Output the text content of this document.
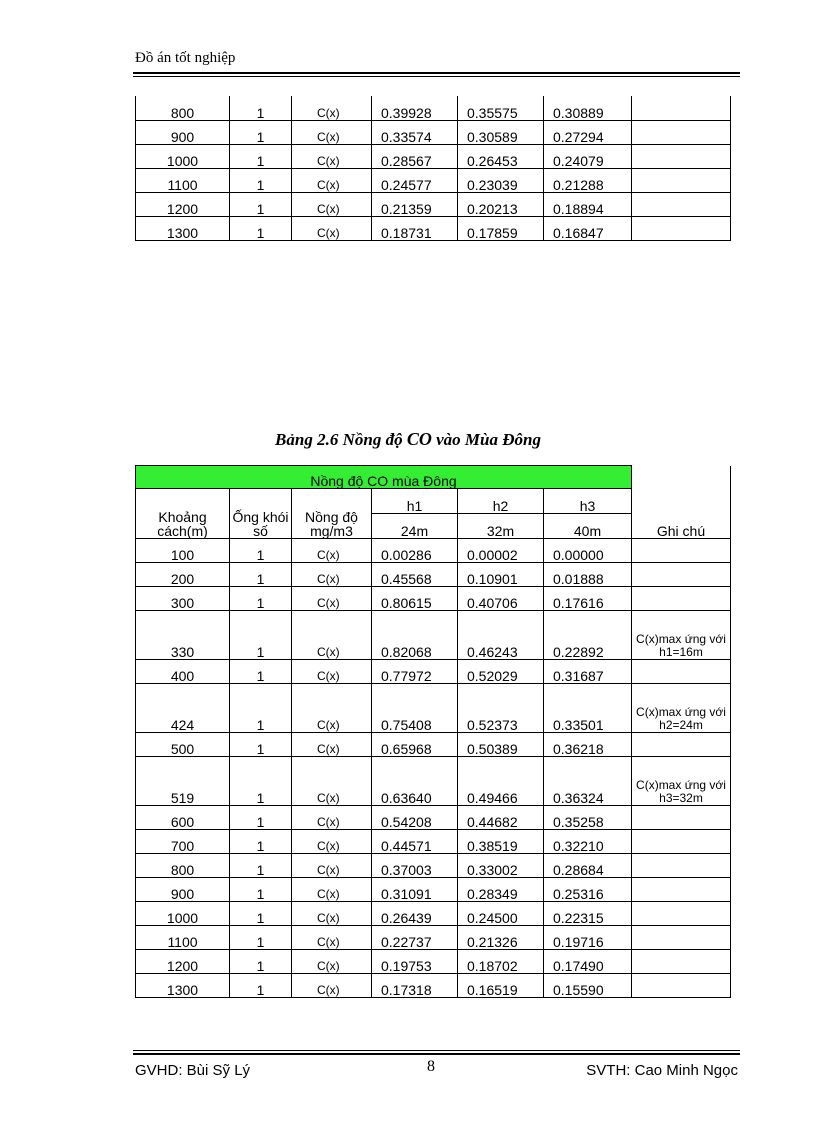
Đồ án tốt nghiệp
800	1	C(x)	0.39928	0.35575	0.30889	
900	1	C(x)	0.33574	0.30589	0.27294	
1000	1	C(x)	0.28567	0.26453	0.24079	
1100	1	C(x)	0.24577	0.23039	0.21288	
1200	1	C(x)	0.21359	0.20213	0.18894	
1300	1	C(x)	0.18731	0.17859	0.16847	
Bảng 2.6 Nồng độ CO vào Mùa Đông
Nồng độ CO mùa Đông						
Khoảng cách(m)	Ống khói số	Nồng độ mg/m3	h1	h2	h3	Ghi chú
			24m	32m	40m	
100	1	C(x)	0.00286	0.00002	0.00000	
200	1	C(x)	0.45568	0.10901	0.01888	
300	1	C(x)	0.80615	0.40706	0.17616	
330	1	C(x)	0.82068	0.46243	0.22892	C(x)max ứng với h1=16m
400	1	C(x)	0.77972	0.52029	0.31687	
424	1	C(x)	0.75408	0.52373	0.33501	C(x)max ứng với h2=24m
500	1	C(x)	0.65968	0.50389	0.36218	
519	1	C(x)	0.63640	0.49466	0.36324	C(x)max ứng với h3=32m
600	1	C(x)	0.54208	0.44682	0.35258	
700	1	C(x)	0.44571	0.38519	0.32210	
800	1	C(x)	0.37003	0.33002	0.28684	
900	1	C(x)	0.31091	0.28349	0.25316	
1000	1	C(x)	0.26439	0.24500	0.22315	
1100	1	C(x)	0.22737	0.21326	0.19716	
1200	1	C(x)	0.19753	0.18702	0.17490	
1300	1	C(x)	0.17318	0.16519	0.15590	
GVHD: Bùi Sỹ Lý	8	SVTH: Cao Minh Ngọc
